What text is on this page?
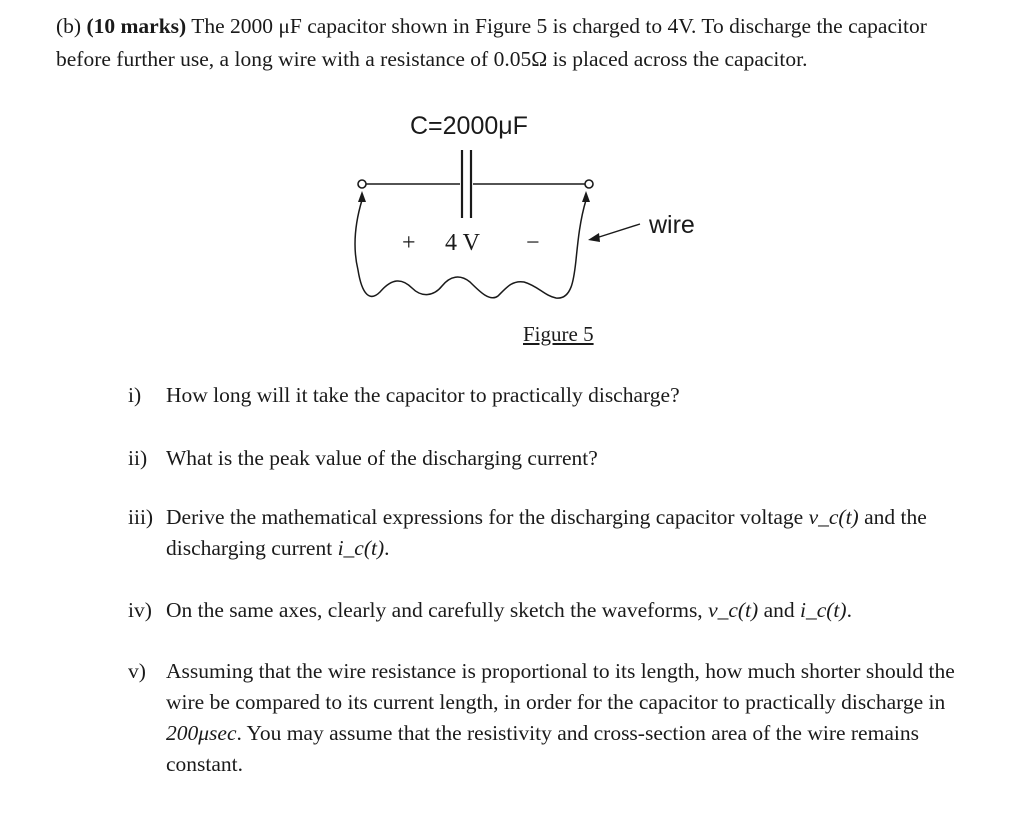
(b) (10 marks) The 2000 μF capacitor shown in Figure 5 is charged to 4V. To discharge the capacitor before further use, a long wire with a resistance of 0.05Ω is placed across the capacitor.
C=2000μF
wire
+ 4 V −
Figure 5
i) How long will it take the capacitor to practically discharge?
ii) What is the peak value of the discharging current?
iii) Derive the mathematical expressions for the discharging capacitor voltage v_c(t) and the discharging current i_c(t).
iv) On the same axes, clearly and carefully sketch the waveforms, v_c(t) and i_c(t).
v) Assuming that the wire resistance is proportional to its length, how much shorter should the wire be compared to its current length, in order for the capacitor to practically discharge in 200μsec. You may assume that the resistivity and cross-section area of the wire remains constant.
